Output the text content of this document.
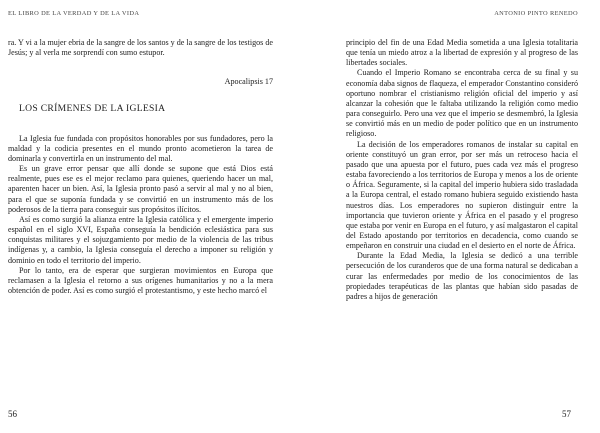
EL LIBRO DE LA VERDAD Y DE LA VIDA

ra. Y vi a la mujer ebria de la sangre de los santos y de la sangre de los testigos de Jesús; y al verla me sorprendí con sumo estupor.

Apocalipsis 17

LOS CRÍMENES DE LA IGLESIA

La Iglesia fue fundada con propósitos honorables por sus fundadores, pero la maldad y la codicia presentes en el mundo pronto acometieron la tarea de dominarla y convertirla en un instrumento del mal.

Es un grave error pensar que allí donde se supone que está Dios está realmente, pues ese es el mejor reclamo para quienes, queriendo hacer un mal, aparenten hacer un bien. Así, la Iglesia pronto pasó a servir al mal y no al bien, para el que se suponía fundada y se convirtió en un instrumento más de los poderosos de la tierra para conseguir sus propósitos ilícitos.

Así es como surgió la alianza entre la Iglesia católica y el emergente imperio español en el siglo XVI, España conseguía la bendición eclesiástica para sus conquistas militares y el sojuzgamiento por medio de la violencia de las tribus indígenas y, a cambio, la Iglesia conseguía el derecho a imponer su religión y dominio en todo el territorio del imperio.

Por lo tanto, era de esperar que surgieran movimientos en Europa que reclamasen a la Iglesia el retorno a sus orígenes humanitarios y no a la mera obtención de poder. Así es como surgió el protestantismo, y este hecho marcó el

56
ANTONIO PINTO RENEDO

principio del fin de una Edad Media sometida a una Iglesia totalitaria que tenía un miedo atroz a la libertad de expresión y al progreso de las libertades sociales.

Cuando el Imperio Romano se encontraba cerca de su final y su economía daba signos de flaqueza, el emperador Constantino consideró oportuno nombrar el cristianismo religión oficial del imperio y así alcanzar la cohesión que le faltaba utilizando la religión como medio para conseguirlo. Pero una vez que el imperio se desmembró, la Iglesia se convirtió más en un medio de poder político que en un instrumento religioso.

La decisión de los emperadores romanos de instalar su capital en oriente constituyó un gran error, por ser más un retroceso hacia el pasado que una apuesta por el futuro, pues cada vez más el progreso estaba favoreciendo a los territorios de Europa y menos a los de oriente o África. Seguramente, si la capital del imperio hubiera sido trasladada a la Europa central, el estado romano hubiera seguido existiendo hasta nuestros días. Los emperadores no supieron distinguir entre la importancia que tuvieron oriente y África en el pasado y el progreso que estaba por venir en Europa en el futuro, y así malgastaron el capital del Estado apostando por territorios en decadencia, como cuando se empeñaron en construir una ciudad en el desierto en el norte de África.

Durante la Edad Media, la Iglesia se dedicó a una terrible persecución de los curanderos que de una forma natural se dedicaban a curar las enfermedades por medio de los conocimientos de las propiedades terapéuticas de las plantas que habían sido pasadas de padres a hijos de generación

57
